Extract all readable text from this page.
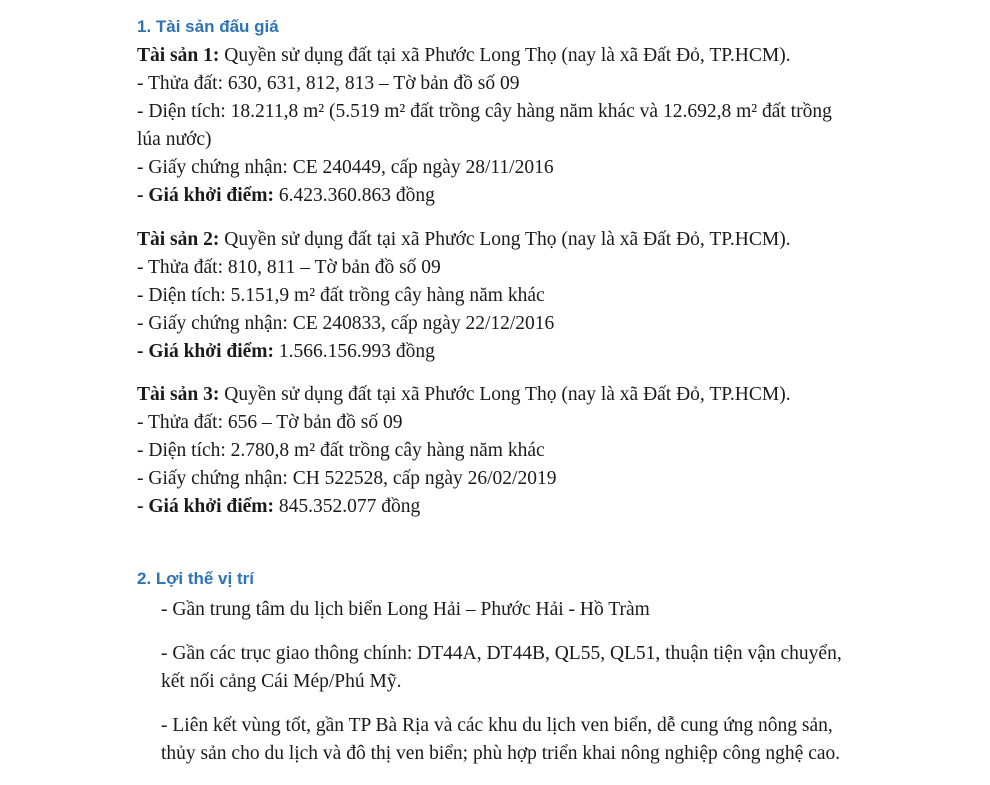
1. Tài sản đấu giá
Tài sản 1: Quyền sử dụng đất tại xã Phước Long Thọ (nay là xã Đất Đỏ, TP.HCM).
- Thửa đất: 630, 631, 812, 813 – Tờ bản đồ số 09
- Diện tích: 18.211,8 m² (5.519 m² đất trồng cây hàng năm khác và 12.692,8 m² đất trồng
lúa nước)
- Giấy chứng nhận: CE 240449, cấp ngày 28/11/2016
- Giá khởi điểm: 6.423.360.863 đồng
Tài sản 2: Quyền sử dụng đất tại xã Phước Long Thọ (nay là xã Đất Đỏ, TP.HCM).
- Thửa đất: 810, 811 – Tờ bản đồ số 09
- Diện tích: 5.151,9 m² đất trồng cây hàng năm khác
- Giấy chứng nhận: CE 240833, cấp ngày 22/12/2016
- Giá khởi điểm: 1.566.156.993 đồng
Tài sản 3: Quyền sử dụng đất tại xã Phước Long Thọ (nay là xã Đất Đỏ, TP.HCM).
- Thửa đất: 656 – Tờ bản đồ số 09
- Diện tích: 2.780,8 m² đất trồng cây hàng năm khác
- Giấy chứng nhận: CH 522528, cấp ngày 26/02/2019
- Giá khởi điểm: 845.352.077 đồng
2. Lợi thế vị trí
- Gần trung tâm du lịch biển Long Hải – Phước Hải - Hồ Tràm
- Gần các trục giao thông chính: DT44A, DT44B, QL55, QL51, thuận tiện vận chuyển,
kết nối cảng Cái Mép/Phú Mỹ.
- Liên kết vùng tốt, gần TP Bà Rịa và các khu du lịch ven biển, dễ cung ứng nông sản,
thủy sản cho du lịch và đô thị ven biển; phù hợp triển khai nông nghiệp công nghệ cao.
